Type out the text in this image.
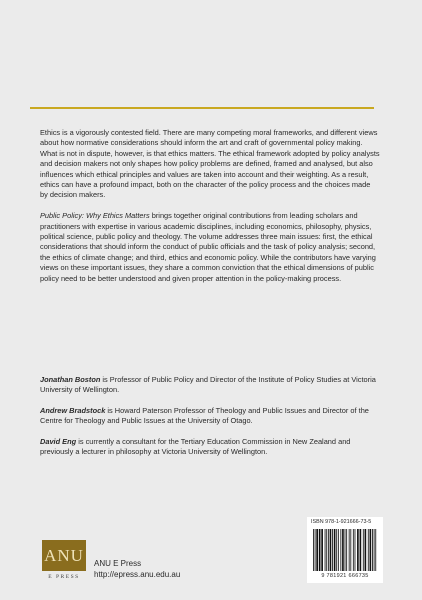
Ethics is a vigorously contested field. There are many competing moral frameworks, and different views about how normative considerations should inform the art and craft of governmental policy making. What is not in dispute, however, is that ethics matters. The ethical framework adopted by policy analysts and decision makers not only shapes how policy problems are defined, framed and analysed, but also influences which ethical principles and values are taken into account and their weighting. As a result, ethics can have a profound impact, both on the character of the policy process and the choices made by decision makers.

Public Policy: Why Ethics Matters brings together original contributions from leading scholars and practitioners with expertise in various academic disciplines, including economics, philosophy, physics, political science, public policy and theology. The volume addresses three main issues: first, the ethical considerations that should inform the conduct of public officials and the task of policy analysis; second, the ethics of climate change; and third, ethics and economic policy. While the contributors have varying views on these important issues, they share a common conviction that the ethical dimensions of public policy need to be better understood and given proper attention in the policy-making process.

Jonathan Boston is Professor of Public Policy and Director of the Institute of Policy Studies at Victoria University of Wellington.

Andrew Bradstock is Howard Paterson Professor of Theology and Public Issues and Director of the Centre for Theology and Public Issues at the University of Otago.

David Eng is currently a consultant for the Tertiary Education Commission in New Zealand and previously a lecturer in philosophy at Victoria University of Wellington.

ISBN 978-1-921666-73-5
9 781921 666735
ANU
E PRESS
ANU E Press
http://epress.anu.edu.au
